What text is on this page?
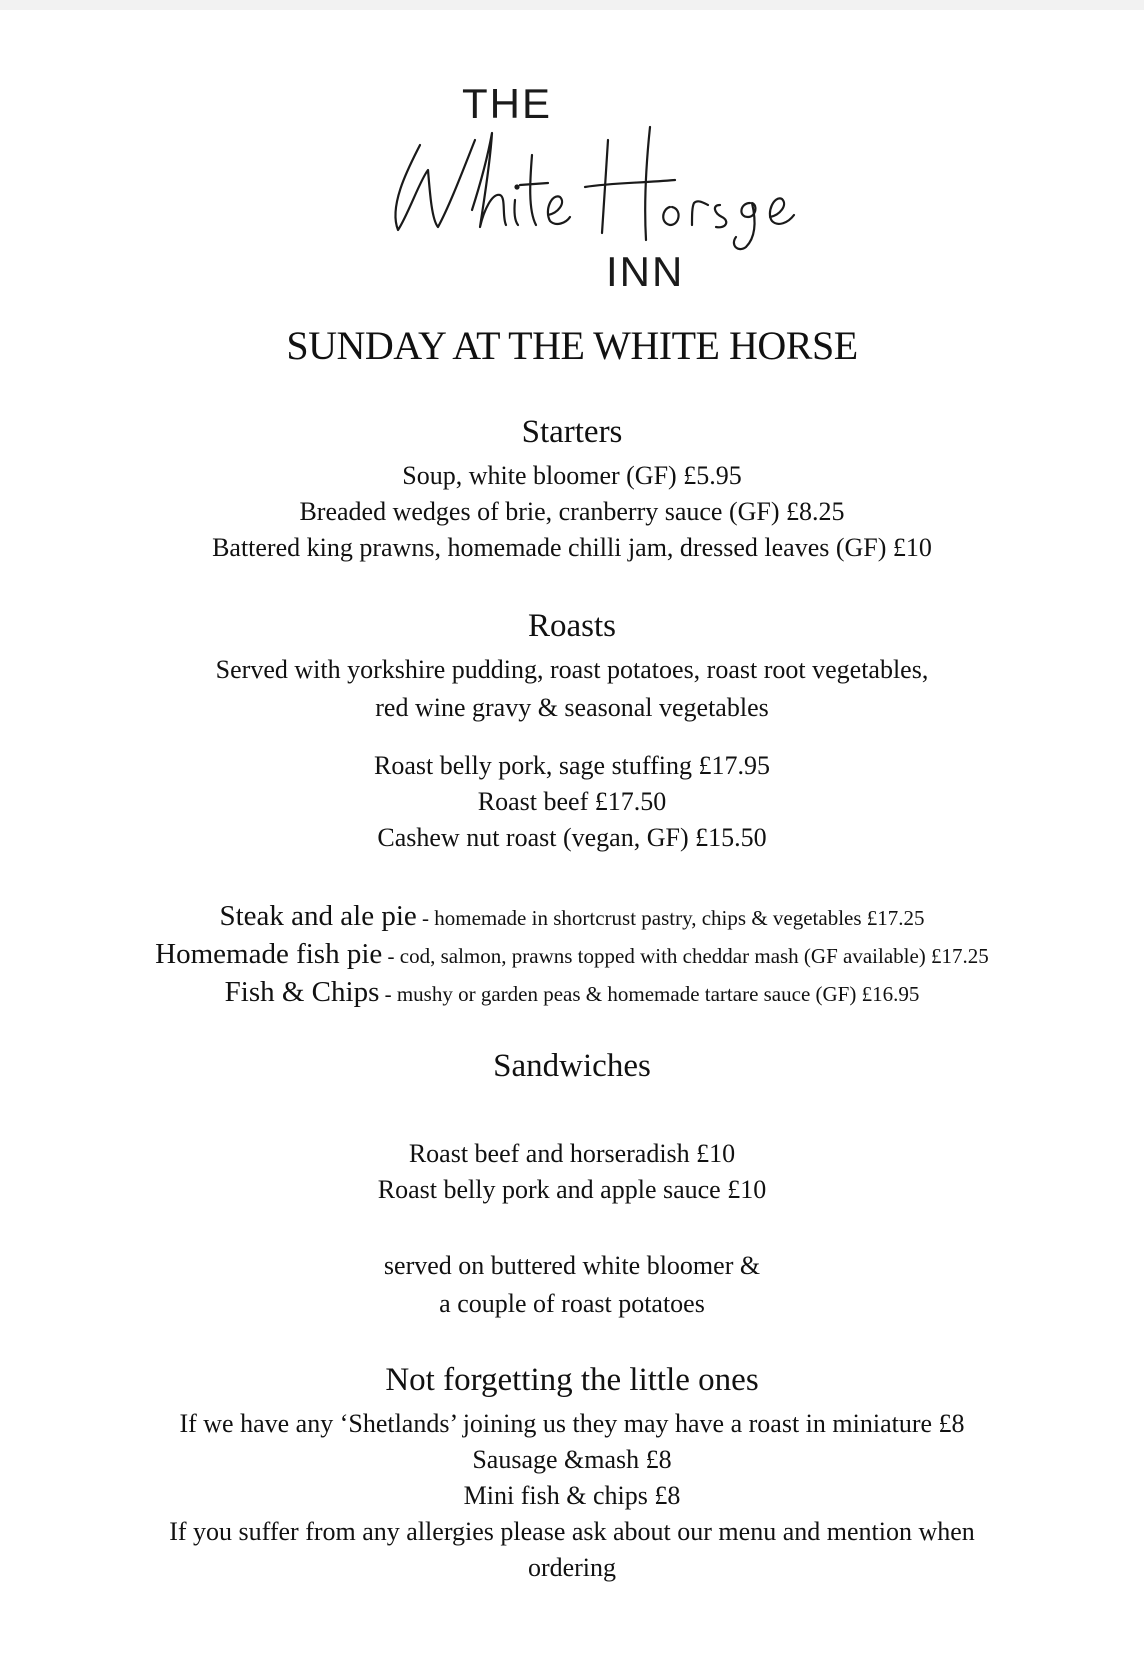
THE
INN
SUNDAY AT THE WHITE HORSE
Starters
Soup, white bloomer (GF) £5.95
Breaded wedges of brie, cranberry sauce (GF) £8.25
Battered king prawns, homemade chilli jam, dressed leaves (GF) £10
Roasts
Served with yorkshire pudding, roast potatoes, roast root vegetables,
red wine gravy & seasonal vegetables
Roast belly pork, sage stuffing £17.95
Roast beef £17.50
Cashew nut roast (vegan, GF) £15.50
Steak and ale pie - homemade in shortcrust pastry, chips & vegetables £17.25
Homemade fish pie - cod, salmon, prawns topped with cheddar mash (GF available) £17.25
Fish & Chips - mushy or garden peas & homemade tartare sauce (GF) £16.95
Sandwiches
Roast beef and horseradish £10
Roast belly pork and apple sauce £10
served on buttered white bloomer &
a couple of roast potatoes
Not forgetting the little ones
If we have any ‘Shetlands’ joining us they may have a roast in miniature £8
Sausage &mash £8
Mini fish & chips £8
If you suffer from any allergies please ask about our menu and mention when
ordering
